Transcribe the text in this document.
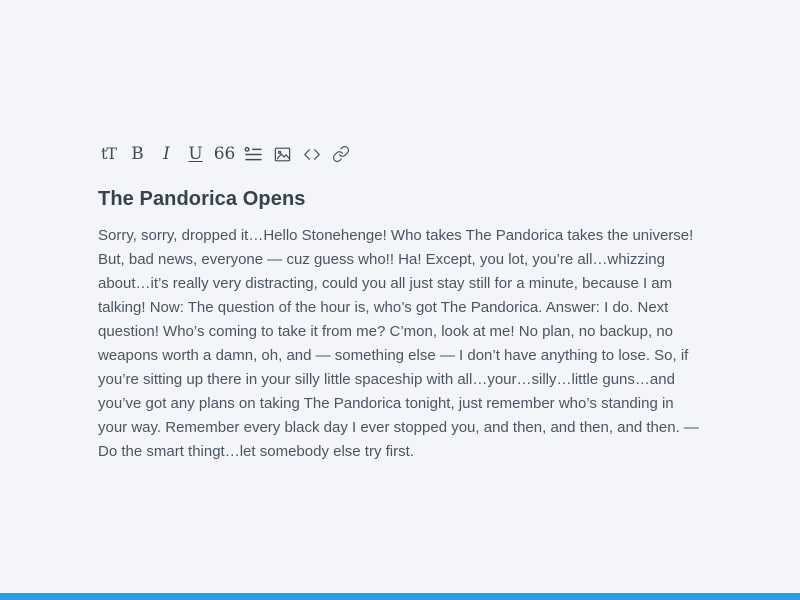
tT B I U 66
The Pandorica Opens

Sorry, sorry, dropped it…Hello Stonehenge! Who takes The Pandorica takes the universe! But, bad news, everyone — cuz guess who!! Ha! Except, you lot, you’re all…whizzing about…it’s really very distracting, could you all just stay still for a minute, because I am talking! Now: The question of the hour is, who’s got The Pandorica. Answer: I do. Next question! Who’s coming to take it from me? C’mon, look at me! No plan, no backup, no weapons worth a damn, oh, and — something else — I don’t have anything to lose. So, if you’re sitting up there in your silly little spaceship with all…your…silly…little guns…and you’ve got any plans on taking The Pandorica tonight, just remember who’s standing in your way. Remember every black day I ever stopped you, and then, and then, and then. — Do the smart thingt…let somebody else try first.
